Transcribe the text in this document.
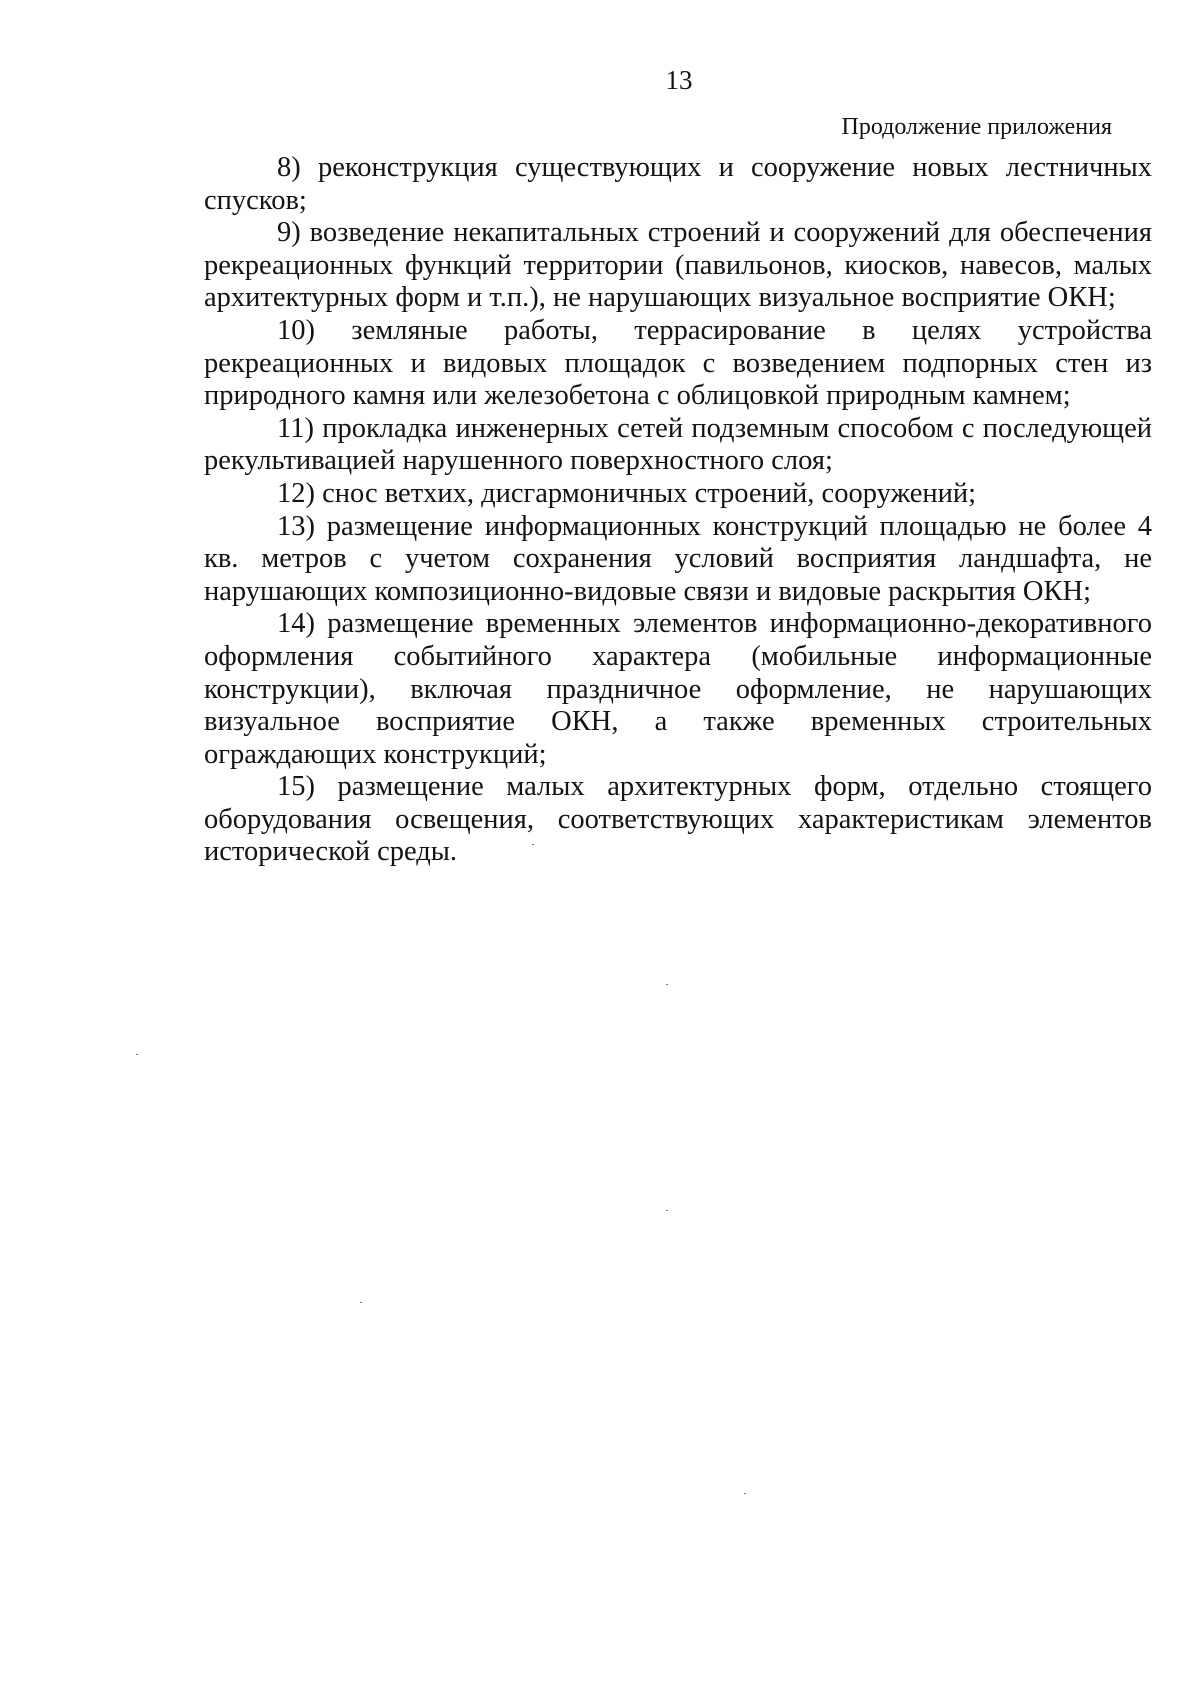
13
Продолжение приложения

8) реконструкция существующих и сооружение новых лестничных спусков;

9) возведение некапитальных строений и сооружений для обеспечения рекреационных функций территории (павильонов, киосков, навесов, малых архитектурных форм и т.п.), не нарушающих визуальное восприятие ОКН;

10) земляные работы, террасирование в целях устройства рекреационных и видовых площадок с возведением подпорных стен из природного камня или железобетона с облицовкой природным камнем;

11) прокладка инженерных сетей подземным способом с последующей рекультивацией нарушенного поверхностного слоя;

12) снос ветхих, дисгармоничных строений, сооружений;

13) размещение информационных конструкций площадью не более 4 кв. метров с учетом сохранения условий восприятия ландшафта, не нарушающих композиционно-видовые связи и видовые раскрытия ОКН;

14) размещение временных элементов информационно-декоративного оформления событийного характера (мобильные информационные конструкции), включая праздничное оформление, не нарушающих визуальное восприятие ОКН, а также временных строительных ограждающих конструкций;

15) размещение малых архитектурных форм, отдельно стоящего оборудования освещения, соответствующих характеристикам элементов исторической среды.
